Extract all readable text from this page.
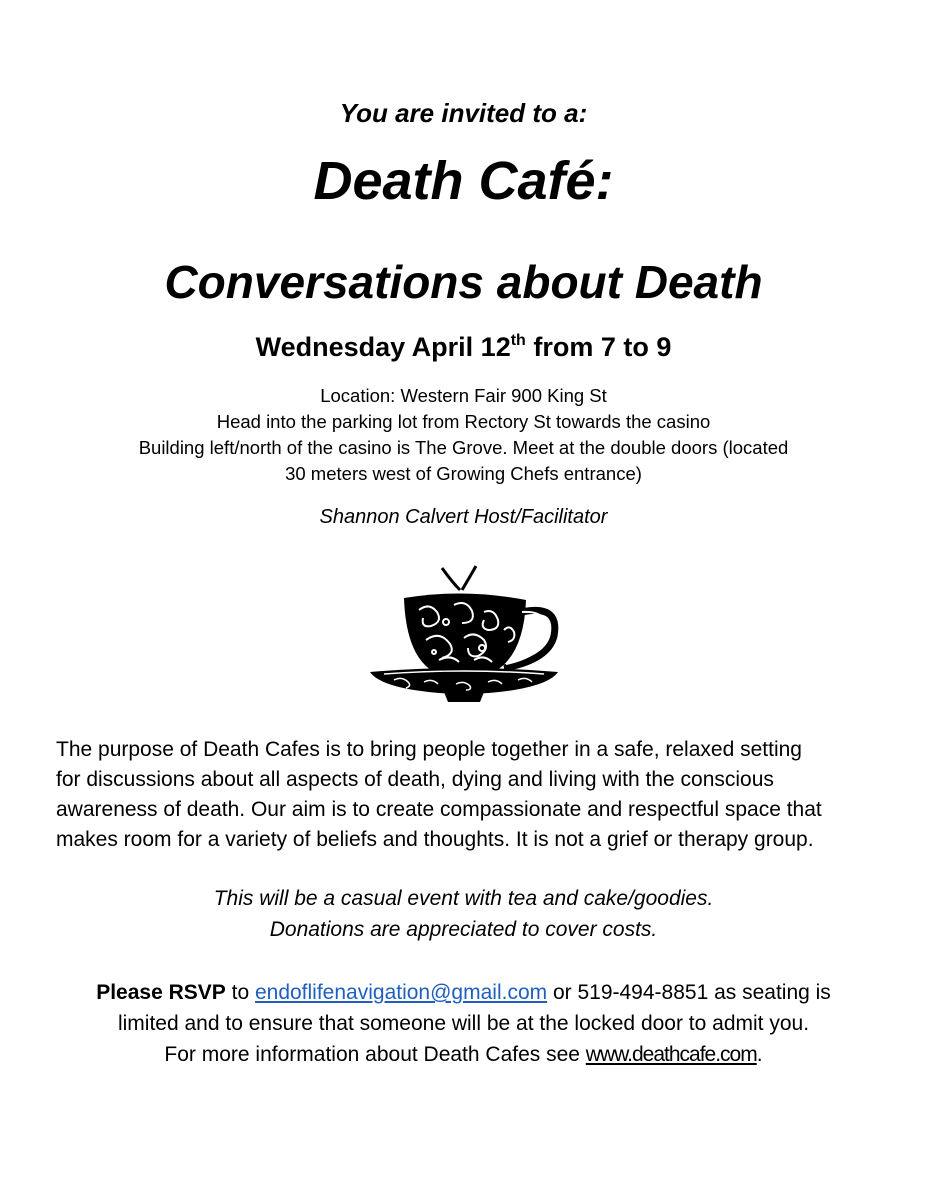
You are invited to a:
Death Café:
Conversations about Death
Wednesday April 12th from 7 to 9
Location: Western Fair 900 King St
Head into the parking lot from Rectory St towards the casino
Building left/north of the casino is The Grove. Meet at the double doors (located
30 meters west of Growing Chefs entrance)
Shannon Calvert Host/Facilitator
The purpose of Death Cafes is to bring people together in a safe, relaxed setting
for discussions about all aspects of death, dying and living with the conscious
awareness of death. Our aim is to create compassionate and respectful space that
makes room for a variety of beliefs and thoughts. It is not a grief or therapy group.
This will be a casual event with tea and cake/goodies.
Donations are appreciated to cover costs.
Please RSVP to endoflifenavigation@gmail.com or 519-494-8851 as seating is
limited and to ensure that someone will be at the locked door to admit you.
For more information about Death Cafes see www.deathcafe.com.
